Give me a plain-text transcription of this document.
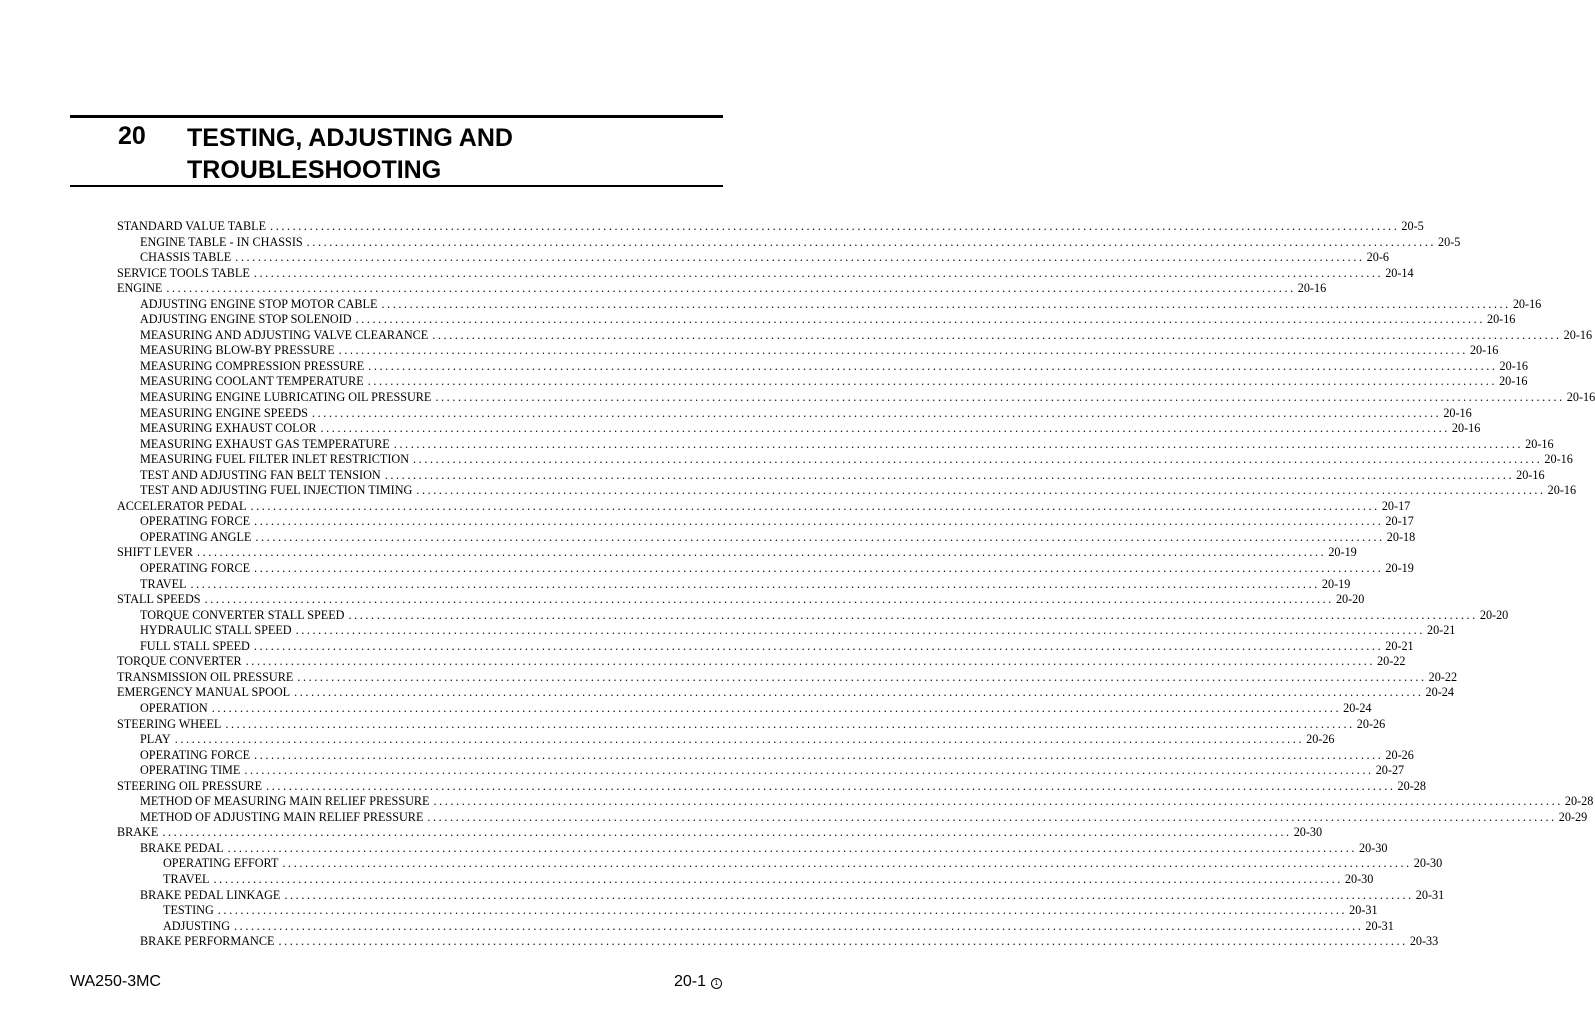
20 TESTING, ADJUSTING AND
TROUBLESHOOTING
STANDARD VALUE TABLE ........................................................................................................................................................................................................ 20-5
ENGINE TABLE - IN CHASSIS ........................................................................................................................................................................................................ 20-5
CHASSIS TABLE ........................................................................................................................................................................................................ 20-6
SERVICE TOOLS TABLE ........................................................................................................................................................................................................ 20-14
ENGINE ........................................................................................................................................................................................................ 20-16
ADJUSTING ENGINE STOP MOTOR CABLE ........................................................................................................................................................................................................ 20-16
ADJUSTING ENGINE STOP SOLENOID ........................................................................................................................................................................................................ 20-16
MEASURING AND ADJUSTING VALVE CLEARANCE ........................................................................................................................................................................................................ 20-16
MEASURING BLOW-BY PRESSURE ........................................................................................................................................................................................................ 20-16
MEASURING COMPRESSION PRESSURE ........................................................................................................................................................................................................ 20-16
MEASURING COOLANT TEMPERATURE ........................................................................................................................................................................................................ 20-16
MEASURING ENGINE LUBRICATING OIL PRESSURE ........................................................................................................................................................................................................ 20-16
MEASURING ENGINE SPEEDS ........................................................................................................................................................................................................ 20-16
MEASURING EXHAUST COLOR ........................................................................................................................................................................................................ 20-16
MEASURING EXHAUST GAS TEMPERATURE ........................................................................................................................................................................................................ 20-16
MEASURING FUEL FILTER INLET RESTRICTION ........................................................................................................................................................................................................ 20-16
TEST AND ADJUSTING FAN BELT TENSION ........................................................................................................................................................................................................ 20-16
TEST AND ADJUSTING FUEL INJECTION TIMING ........................................................................................................................................................................................................ 20-16
ACCELERATOR PEDAL ........................................................................................................................................................................................................ 20-17
OPERATING FORCE ........................................................................................................................................................................................................ 20-17
OPERATING ANGLE ........................................................................................................................................................................................................ 20-18
SHIFT LEVER ........................................................................................................................................................................................................ 20-19
OPERATING FORCE ........................................................................................................................................................................................................ 20-19
TRAVEL ........................................................................................................................................................................................................ 20-19
STALL SPEEDS ........................................................................................................................................................................................................ 20-20
TORQUE CONVERTER STALL SPEED ........................................................................................................................................................................................................ 20-20
HYDRAULIC STALL SPEED ........................................................................................................................................................................................................ 20-21
FULL STALL SPEED ........................................................................................................................................................................................................ 20-21
TORQUE CONVERTER ........................................................................................................................................................................................................ 20-22
TRANSMISSION OIL PRESSURE ........................................................................................................................................................................................................ 20-22
EMERGENCY MANUAL SPOOL ........................................................................................................................................................................................................ 20-24
OPERATION ........................................................................................................................................................................................................ 20-24
STEERING WHEEL ........................................................................................................................................................................................................ 20-26
PLAY ........................................................................................................................................................................................................ 20-26
OPERATING FORCE ........................................................................................................................................................................................................ 20-26
OPERATING TIME ........................................................................................................................................................................................................ 20-27
STEERING OIL PRESSURE ........................................................................................................................................................................................................ 20-28
METHOD OF MEASURING MAIN RELIEF PRESSURE ........................................................................................................................................................................................................ 20-28
METHOD OF ADJUSTING MAIN RELIEF PRESSURE ........................................................................................................................................................................................................ 20-29
BRAKE ........................................................................................................................................................................................................ 20-30
BRAKE PEDAL ........................................................................................................................................................................................................ 20-30
OPERATING EFFORT ........................................................................................................................................................................................................ 20-30
TRAVEL ........................................................................................................................................................................................................ 20-30
BRAKE PEDAL LINKAGE ........................................................................................................................................................................................................ 20-31
TESTING ........................................................................................................................................................................................................ 20-31
ADJUSTING ........................................................................................................................................................................................................ 20-31
BRAKE PERFORMANCE ........................................................................................................................................................................................................ 20-33
WA250-3MC	20-1 1
